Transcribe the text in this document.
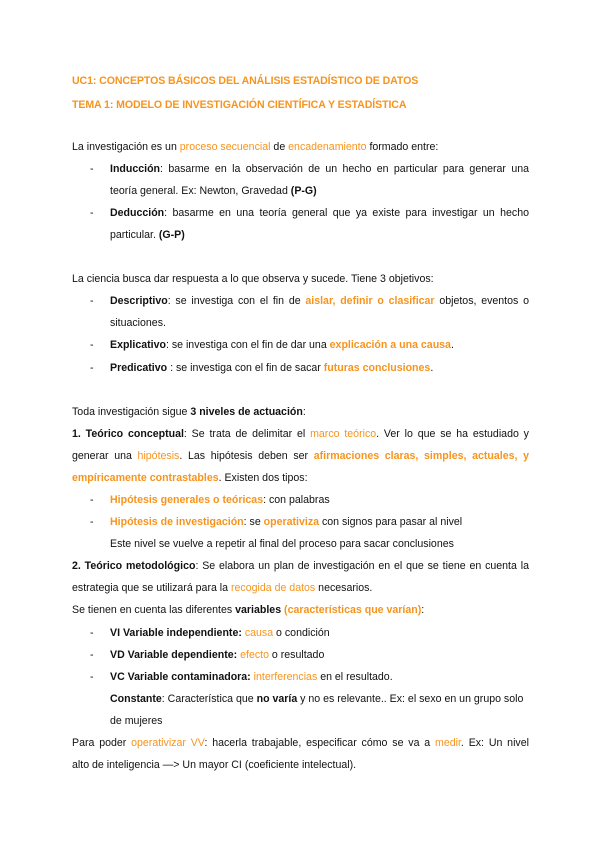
UC1: CONCEPTOS BÁSICOS DEL ANÁLISIS ESTADÍSTICO DE DATOS
TEMA 1: MODELO DE INVESTIGACIÓN CIENTÍFICA Y ESTADÍSTICA
La investigación es un proceso secuencial de encadenamiento formado entre:
- Inducción: basarme en la observación de un hecho en particular para generar una
teoría general. Ex: Newton, Gravedad (P-G)
- Deducción: basarme en una teoría general que ya existe para investigar un hecho
particular. (G-P)
La ciencia busca dar respuesta a lo que observa y sucede. Tiene 3 objetivos:
- Descriptivo: se investiga con el fin de aislar, definir o clasificar objetos, eventos o
situaciones.
- Explicativo: se investiga con el fin de dar una explicación a una causa.
- Predicativo : se investiga con el fin de sacar futuras conclusiones.
Toda investigación sigue 3 niveles de actuación:
1. Teórico conceptual: Se trata de delimitar el marco teórico. Ver lo que se ha estudiado y
generar una hipótesis. Las hipótesis deben ser afirmaciones claras, simples, actuales, y
empíricamente contrastables. Existen dos tipos:
- Hipótesis generales o teóricas: con palabras
- Hipótesis de investigación: se operativiza con signos para pasar al nivel
Este nivel se vuelve a repetir al final del proceso para sacar conclusiones
2. Teórico metodológico: Se elabora un plan de investigación en el que se tiene en cuenta la
estrategia que se utilizará para la recogida de datos necesarios.
Se tienen en cuenta las diferentes variables (características que varían):
- VI Variable independiente: causa o condición
- VD Variable dependiente: efecto o resultado
- VC Variable contaminadora: interferencias en el resultado.
Constante: Característica que no varía y no es relevante.. Ex: el sexo en un grupo solo
de mujeres
Para poder operativizar VV: hacerla trabajable, especificar cómo se va a medir. Ex: Un nivel
alto de inteligencia —> Un mayor CI (coeficiente intelectual).
